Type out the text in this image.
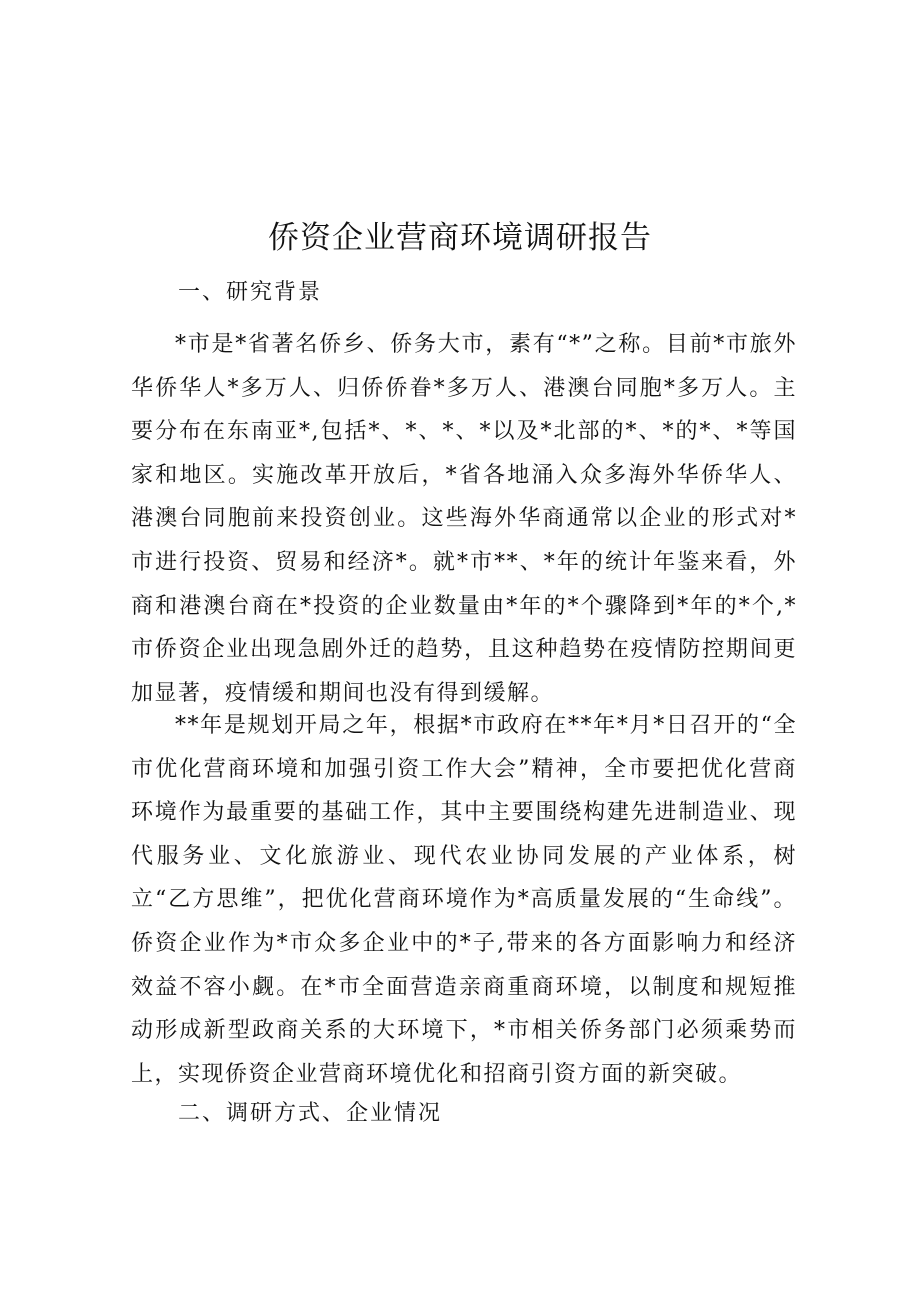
侨资企业营商环境调研报告
一、研究背景

*市是*省著名侨乡、侨务大市，素有“*”之称。目前*市旅外华侨华人*多万人、归侨侨眷*多万人、港澳台同胞*多万人。主要分布在东南亚*,包括*、*、*、*以及*北部的*、*的*、*等国家和地区。实施改革开放后，*省各地涌入众多海外华侨华人、港澳台同胞前来投资创业。这些海外华商通常以企业的形式对*市进行投资、贸易和经济*。就*市**、*年的统计年鉴来看，外商和港澳台商在*投资的企业数量由*年的*个骤降到*年的*个,*市侨资企业出现急剧外迁的趋势，且这种趋势在疫情防控期间更加显著，疫情缓和期间也没有得到缓解。

**年是规划开局之年，根据*市政府在**年*月*日召开的“全市优化营商环境和加强引资工作大会”精神，全市要把优化营商环境作为最重要的基础工作，其中主要围绕构建先进制造业、现代服务业、文化旅游业、现代农业协同发展的产业体系，树立“乙方思维”，把优化营商环境作为*高质量发展的“生命线”。侨资企业作为*市众多企业中的*子,带来的各方面影响力和经济效益不容小觑。在*市全面营造亲商重商环境，以制度和规短推动形成新型政商关系的大环境下，*市相关侨务部门必须乘势而上，实现侨资企业营商环境优化和招商引资方面的新突破。

二、调研方式、企业情况
